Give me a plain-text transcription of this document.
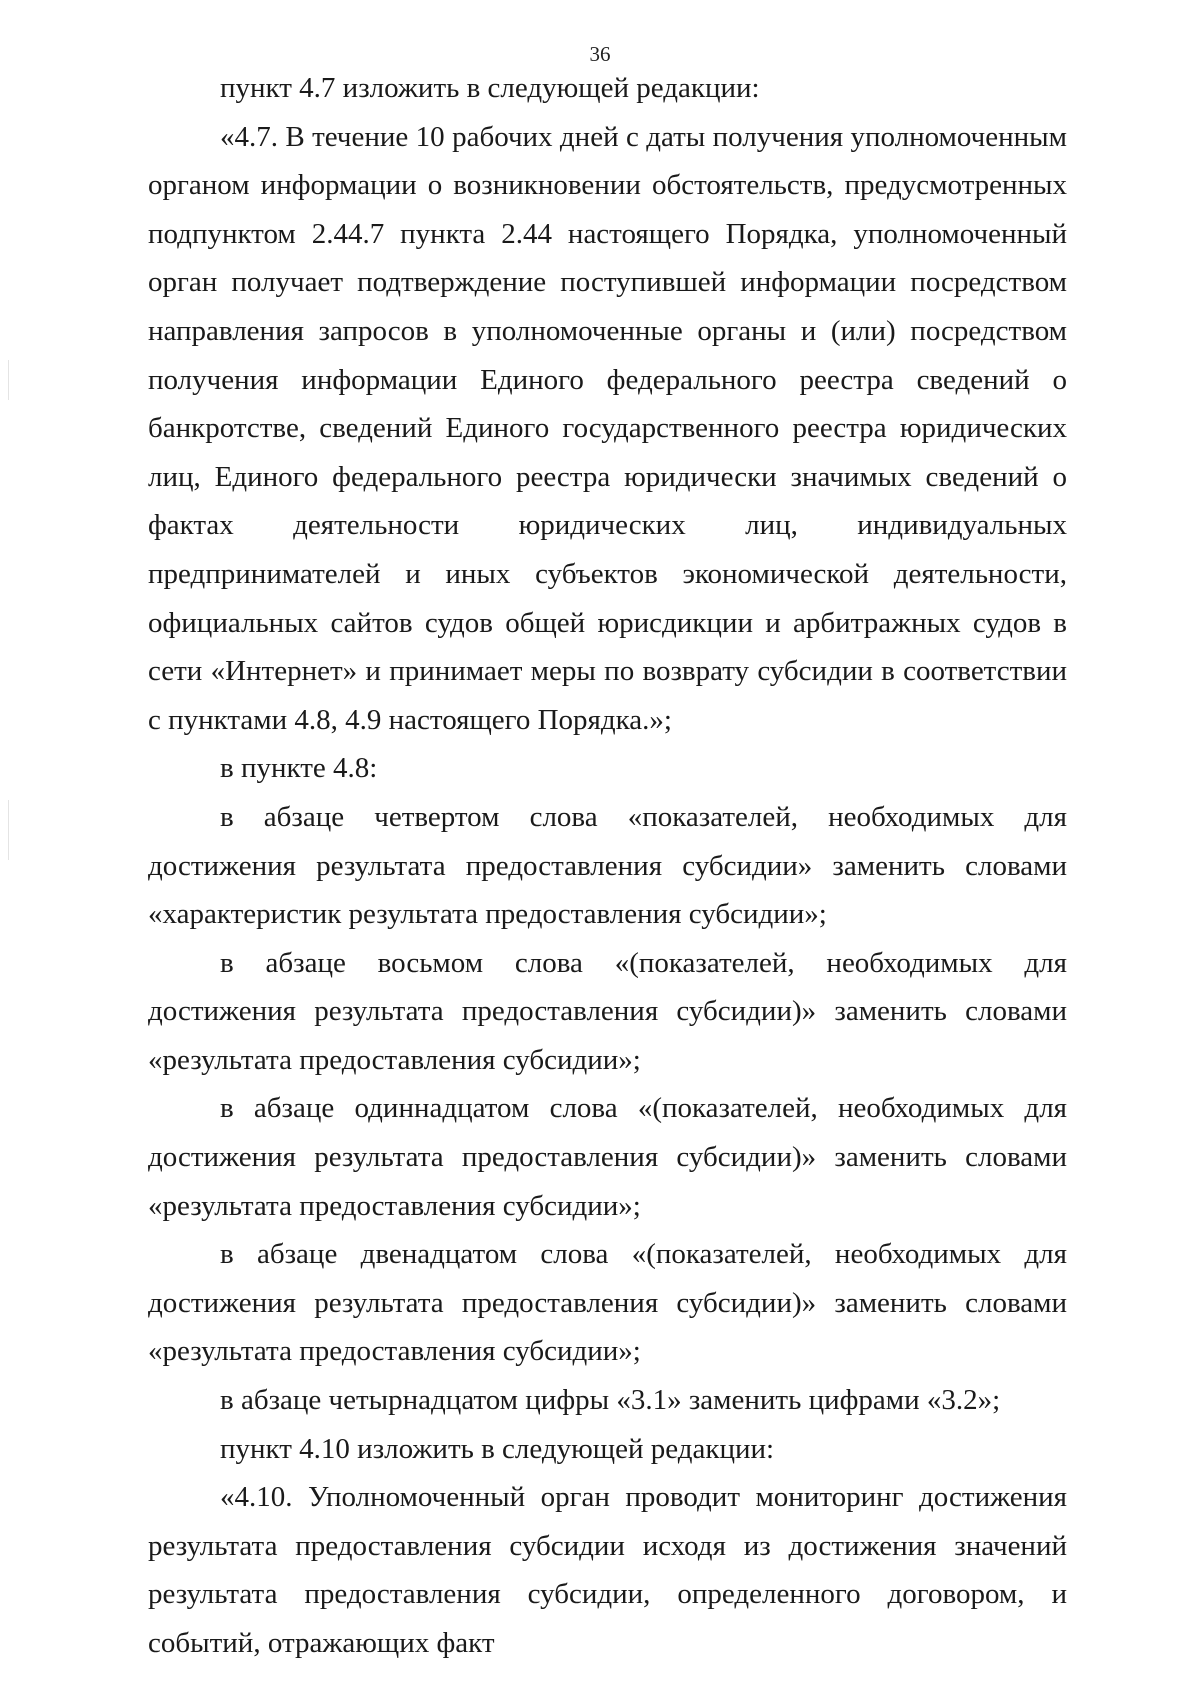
36

пункт 4.7 изложить в следующей редакции:

«4.7. В течение 10 рабочих дней с даты получения уполномоченным органом информации о возникновении обстоятельств, предусмотренных подпунктом 2.44.7 пункта 2.44 настоящего Порядка, уполномоченный орган получает подтверждение поступившей информации посредством направления запросов в уполномоченные органы и (или) посредством получения информации Единого федерального реестра сведений о банкротстве, сведений Единого государственного реестра юридических лиц, Единого федерального реестра юридически значимых сведений о фактах деятельности юридических лиц, индивидуальных предпринимателей и иных субъектов экономической деятельности, официальных сайтов судов общей юрисдикции и арбитражных судов в сети «Интернет» и принимает меры по возврату субсидии в соответствии с пунктами 4.8, 4.9 настоящего Порядка.»;

в пункте 4.8:

в абзаце четвертом слова «показателей, необходимых для достижения результата предоставления субсидии» заменить словами «характеристик результата предоставления субсидии»;

в абзаце восьмом слова «(показателей, необходимых для достижения результата предоставления субсидии)» заменить словами «результата предоставления субсидии»;

в абзаце одиннадцатом слова «(показателей, необходимых для достижения результата предоставления субсидии)» заменить словами «результата предоставления субсидии»;

в абзаце двенадцатом слова «(показателей, необходимых для достижения результата предоставления субсидии)» заменить словами «результата предоставления субсидии»;

в абзаце четырнадцатом цифры «3.1» заменить цифрами «3.2»;

пункт 4.10 изложить в следующей редакции:

«4.10. Уполномоченный орган проводит мониторинг достижения результата предоставления субсидии исходя из достижения значений результата предоставления субсидии, определенного договором, и событий, отражающих факт
